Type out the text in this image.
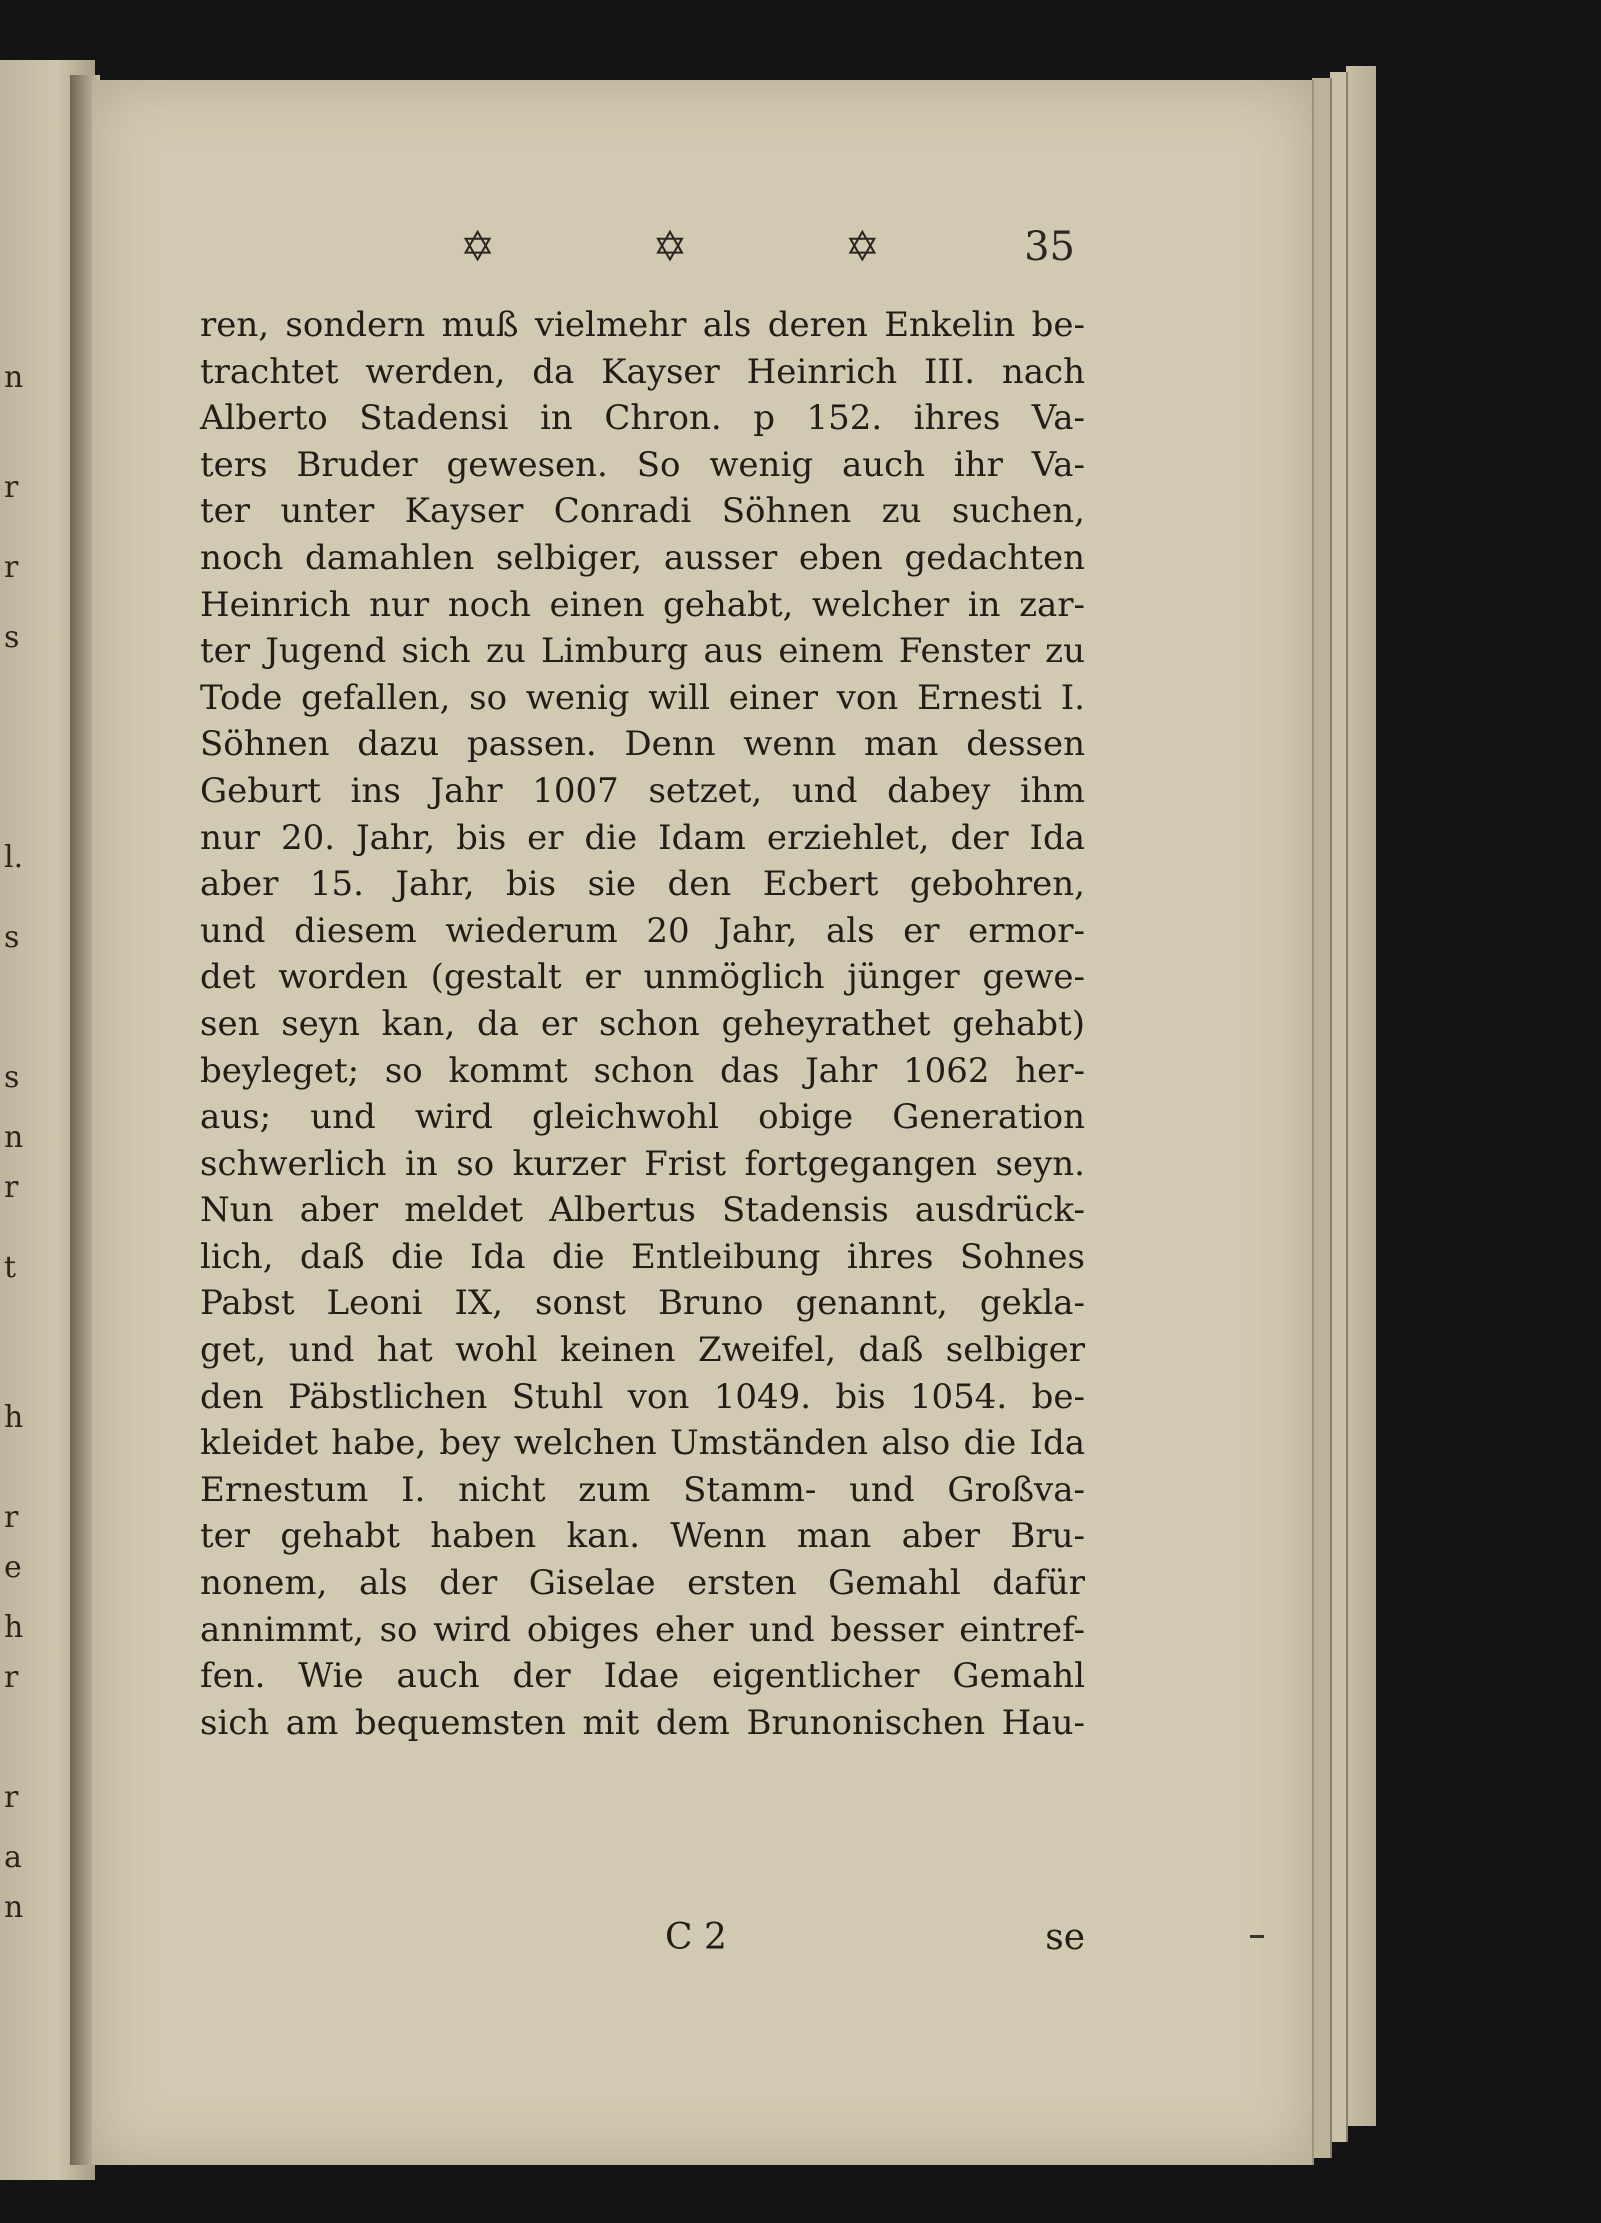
n
r
r
s
l.
s
s
n
r
t
h
r
e
h
r
r
a
n
✡	✡	✡	35
ren, sondern muß vielmehr als deren Enkelin be-
trachtet werden, da Kayser Heinrich III. nach
Alberto Stadensi in Chron. p 152. ihres Va-
ters Bruder gewesen. So wenig auch ihr Va-
ter unter Kayser Conradi Söhnen zu suchen,
noch damahlen selbiger, ausser eben gedachten
Heinrich nur noch einen gehabt, welcher in zar-
ter Jugend sich zu Limburg aus einem Fenster zu
Tode gefallen, so wenig will einer von Ernesti I.
Söhnen dazu passen. Denn wenn man dessen
Geburt ins Jahr 1007 setzet, und dabey ihm
nur 20. Jahr, bis er die Idam erziehlet, der Ida
aber 15. Jahr, bis sie den Ecbert gebohren,
und diesem wiederum 20 Jahr, als er ermor-
det worden (gestalt er unmöglich jünger gewe-
sen seyn kan, da er schon geheyrathet gehabt)
beyleget; so kommt schon das Jahr 1062 her-
aus; und wird gleichwohl obige Generation
schwerlich in so kurzer Frist fortgegangen seyn.
Nun aber meldet Albertus Stadensis ausdrück-
lich, daß die Ida die Entleibung ihres Sohnes
Pabst Leoni IX, sonst Bruno genannt, gekla-
get, und hat wohl keinen Zweifel, daß selbiger
den Päbstlichen Stuhl von 1049. bis 1054. be-
kleidet habe, bey welchen Umständen also die Ida
Ernestum I. nicht zum Stamm- und Großva-
ter gehabt haben kan. Wenn man aber Bru-
nonem, als der Giselae ersten Gemahl dafür
annimmt, so wird obiges eher und besser eintref-
fen. Wie auch der Idae eigentlicher Gemahl
sich am bequemsten mit dem Brunonischen Hau-
C 2	se
